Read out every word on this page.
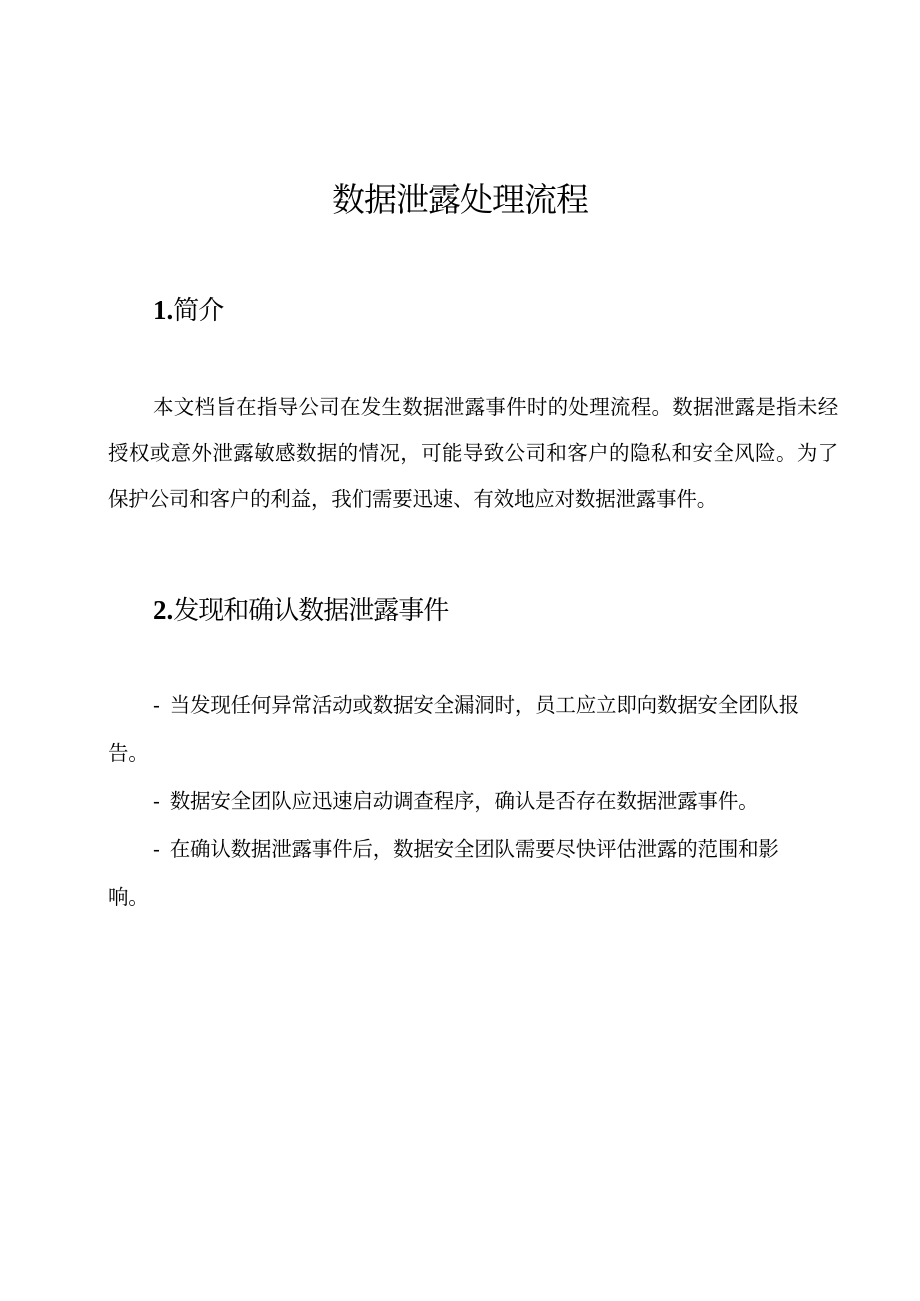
数据泄露处理流程
1.简介

本文档旨在指导公司在发生数据泄露事件时的处理流程。数据泄露是指未经授权或意外泄露敏感数据的情况，可能导致公司和客户的隐私和安全风险。为了保护公司和客户的利益，我们需要迅速、有效地应对数据泄露事件。

2.发现和确认数据泄露事件

- 当发现任何异常活动或数据安全漏洞时，员工应立即向数据安全团队报告。

- 数据安全团队应迅速启动调查程序，确认是否存在数据泄露事件。

- 在确认数据泄露事件后，数据安全团队需要尽快评估泄露的范围和影响。
